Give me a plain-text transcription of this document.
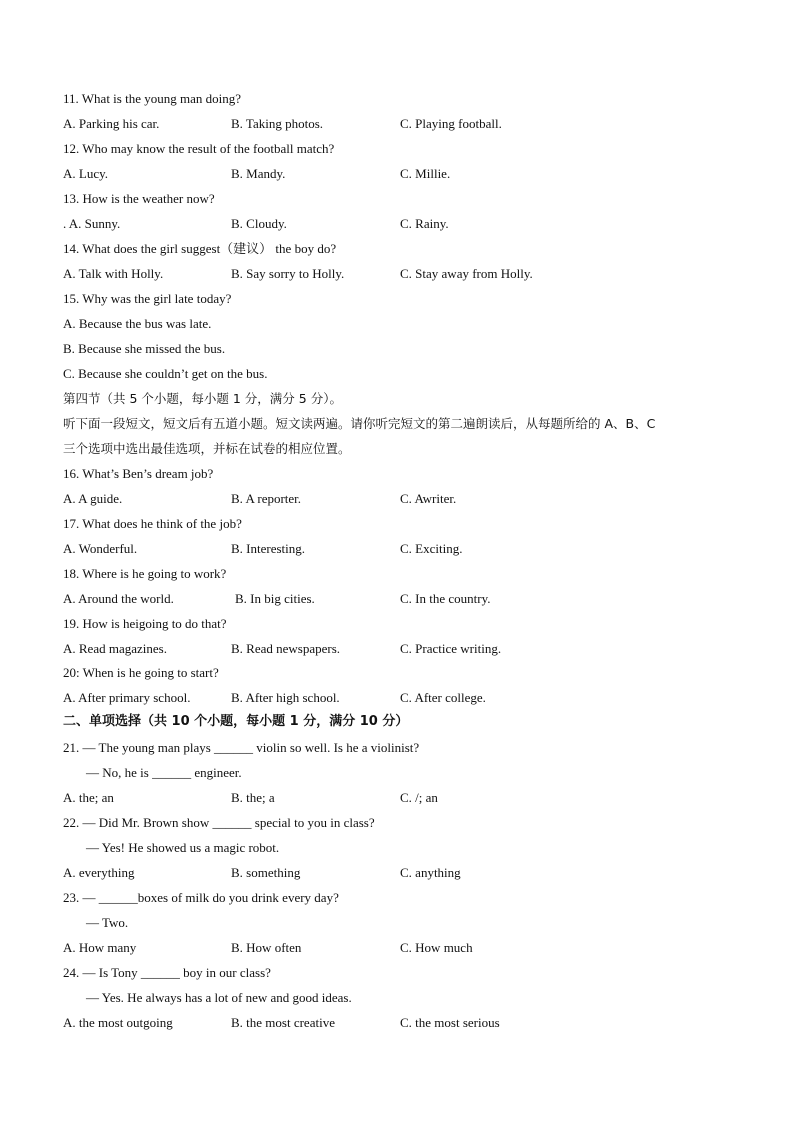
11. What is the young man doing?
A. Parking his car.	B. Taking photos.	C. Playing football.
12. Who may know the result of the football match?
A. Lucy.	B. Mandy.	C. Millie.
13. How is the weather now?
. A. Sunny.	B. Cloudy.	C. Rainy.
14. What does the girl suggest（建议） the boy do?
A. Talk with Holly.	B. Say sorry to Holly.	C. Stay away from Holly.
15. Why was the girl late today?
A. Because the bus was late.
B. Because she missed the bus.
C. Because she couldn’t get on the bus.
第四节（共 5 个小题，每小题 1 分，满分 5 分）。
听下面一段短文，短文后有五道小题。短文读两遍。请你听完短文的第二遍朗读后，从每题所给的 A、B、C
三个选项中选出最佳选项，并标在试卷的相应位置。
16. What’s Ben’s dream job?
A. A guide.	B. A reporter.	C. Awriter.
17. What does he think of the job?
A. Wonderful.	B. Interesting.	C. Exciting.
18. Where is he going to work?
A. Around the world.	B. In big cities.	C. In the country.
19. How is heigoing to do that?
A. Read magazines.	B. Read newspapers.	C. Practice writing.
20: When is he going to start?
A. After primary school.	B. After high school.	C. After college.
二、单项选择（共 10 个小题，每小题 1 分，满分 10 分）
21. — The young man plays ______ violin so well. Is he a violinist?
— No, he is ______ engineer.
A. the; an	B. the; a	C. /; an
22. — Did Mr. Brown show ______ special to you in class?
— Yes! He showed us a magic robot.
A. everything	B. something	C. anything
23. — ______boxes of milk do you drink every day?
— Two.
A. How many	B. How often	C. How much
24. — Is Tony ______ boy in our class?
— Yes. He always has a lot of new and good ideas.
A. the most outgoing	B. the most creative	C. the most serious
